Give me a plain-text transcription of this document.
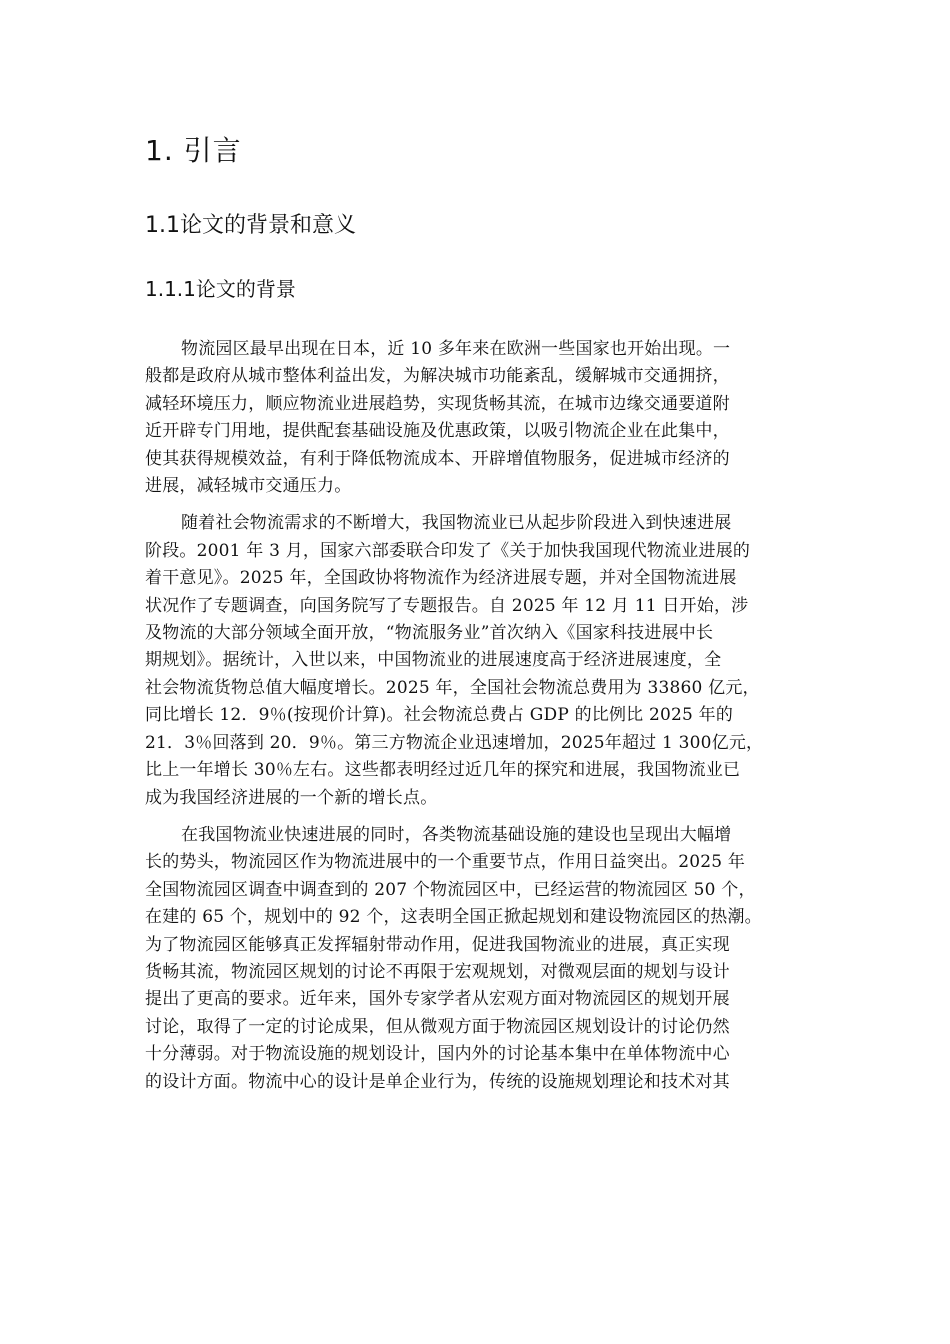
1. 引言
1.1论文的背景和意义
1.1.1论文的背景

物流园区最早出现在日本，近 10 多年来在欧洲一些国家也开始出现。一
般都是政府从城市整体利益出发，为解决城市功能紊乱，缓解城市交通拥挤，
减轻环境压力，顺应物流业进展趋势，实现货畅其流，在城市边缘交通要道附
近开辟专门用地，提供配套基础设施及优惠政策，以吸引物流企业在此集中，
使其获得规模效益，有利于降低物流成本、开辟增值物服务，促进城市经济的
进展，减轻城市交通压力。

随着社会物流需求的不断增大，我国物流业已从起步阶段进入到快速进展
阶段。2001 年 3 月，国家六部委联合印发了《关于加快我国现代物流业进展的
着干意见》。2025 年，全国政协将物流作为经济进展专题，并对全国物流进展
状况作了专题调查，向国务院写了专题报告。自 2025 年 12 月 11 日开始，涉
及物流的大部分领域全面开放，“物流服务业”首次纳入《国家科技进展中长
期规划》。据统计，入世以来，中国物流业的进展速度高于经济进展速度，全
社会物流货物总值大幅度增长。2025 年，全国社会物流总费用为 33860 亿元，
同比增长 12．9％(按现价计算)。社会物流总费占 GDP 的比例比 2025 年的
21．3％回落到 20．9％。第三方物流企业迅速增加，2025年超过 1 300亿元，
比上一年增长 30％左右。这些都表明经过近几年的探究和进展，我国物流业已
成为我国经济进展的一个新的增长点。

在我国物流业快速进展的同时，各类物流基础设施的建设也呈现出大幅增
长的势头，物流园区作为物流进展中的一个重要节点，作用日益突出。2025 年
全国物流园区调查中调查到的 207 个物流园区中，已经运营的物流园区 50 个，
在建的 65 个，规划中的 92 个，这表明全国正掀起规划和建设物流园区的热潮。
为了物流园区能够真正发挥辐射带动作用，促进我国物流业的进展，真正实现
货畅其流，物流园区规划的讨论不再限于宏观规划，对微观层面的规划与设计
提出了更高的要求。近年来，国外专家学者从宏观方面对物流园区的规划开展
讨论，取得了一定的讨论成果，但从微观方面于物流园区规划设计的讨论仍然
十分薄弱。对于物流设施的规划设计，国内外的讨论基本集中在单体物流中心
的设计方面。物流中心的设计是单企业行为，传统的设施规划理论和技术对其
